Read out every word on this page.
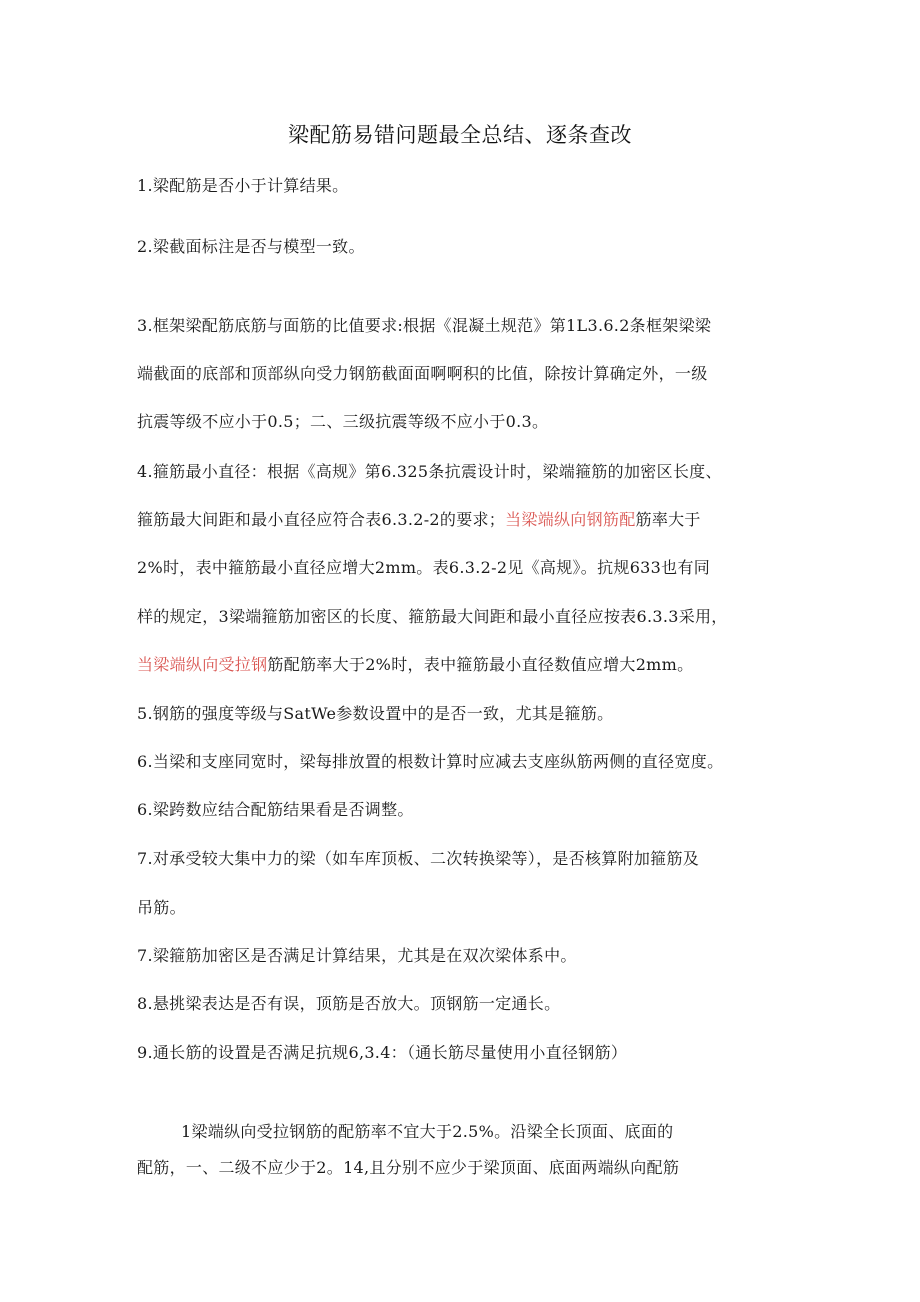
梁配筋易错问题最全总结、逐条查改
1.梁配筋是否小于计算结果。
2.梁截面标注是否与模型一致。
3.框架梁配筋底筋与面筋的比值要求:根据《混凝土规范》第1L3.6.2条框架梁梁
端截面的底部和顶部纵向受力钢筋截面面啊啊积的比值，除按计算确定外，一级
抗震等级不应小于0.5；二、三级抗震等级不应小于0.3。
4.箍筋最小直径：根据《高规》第6.325条抗震设计时，梁端箍筋的加密区长度、
箍筋最大间距和最小直径应符合表6.3.2-2的要求；当梁端纵向钢筋配筋率大于
2%时，表中箍筋最小直径应增大2mm。表6.3.2-2见《高规》。抗规633也有同
样的规定，3梁端箍筋加密区的长度、箍筋最大间距和最小直径应按表6.3.3采用，
当梁端纵向受拉钢筋配筋率大于2%时，表中箍筋最小直径数值应增大2mm。
5.钢筋的强度等级与SatWe参数设置中的是否一致，尤其是箍筋。
6.当梁和支座同宽时，梁每排放置的根数计算时应减去支座纵筋两侧的直径宽度。
6.梁跨数应结合配筋结果看是否调整。
7.对承受较大集中力的梁（如车库顶板、二次转换梁等），是否核算附加箍筋及
吊筋。
7.梁箍筋加密区是否满足计算结果，尤其是在双次梁体系中。
8.悬挑梁表达是否有误，顶筋是否放大。顶钢筋一定通长。
9.通长筋的设置是否满足抗规6,3.4：（通长筋尽量使用小直径钢筋）
1梁端纵向受拉钢筋的配筋率不宜大于2.5%。沿梁全长顶面、底面的
配筋，一、二级不应少于2。14,且分别不应少于梁顶面、底面两端纵向配筋
